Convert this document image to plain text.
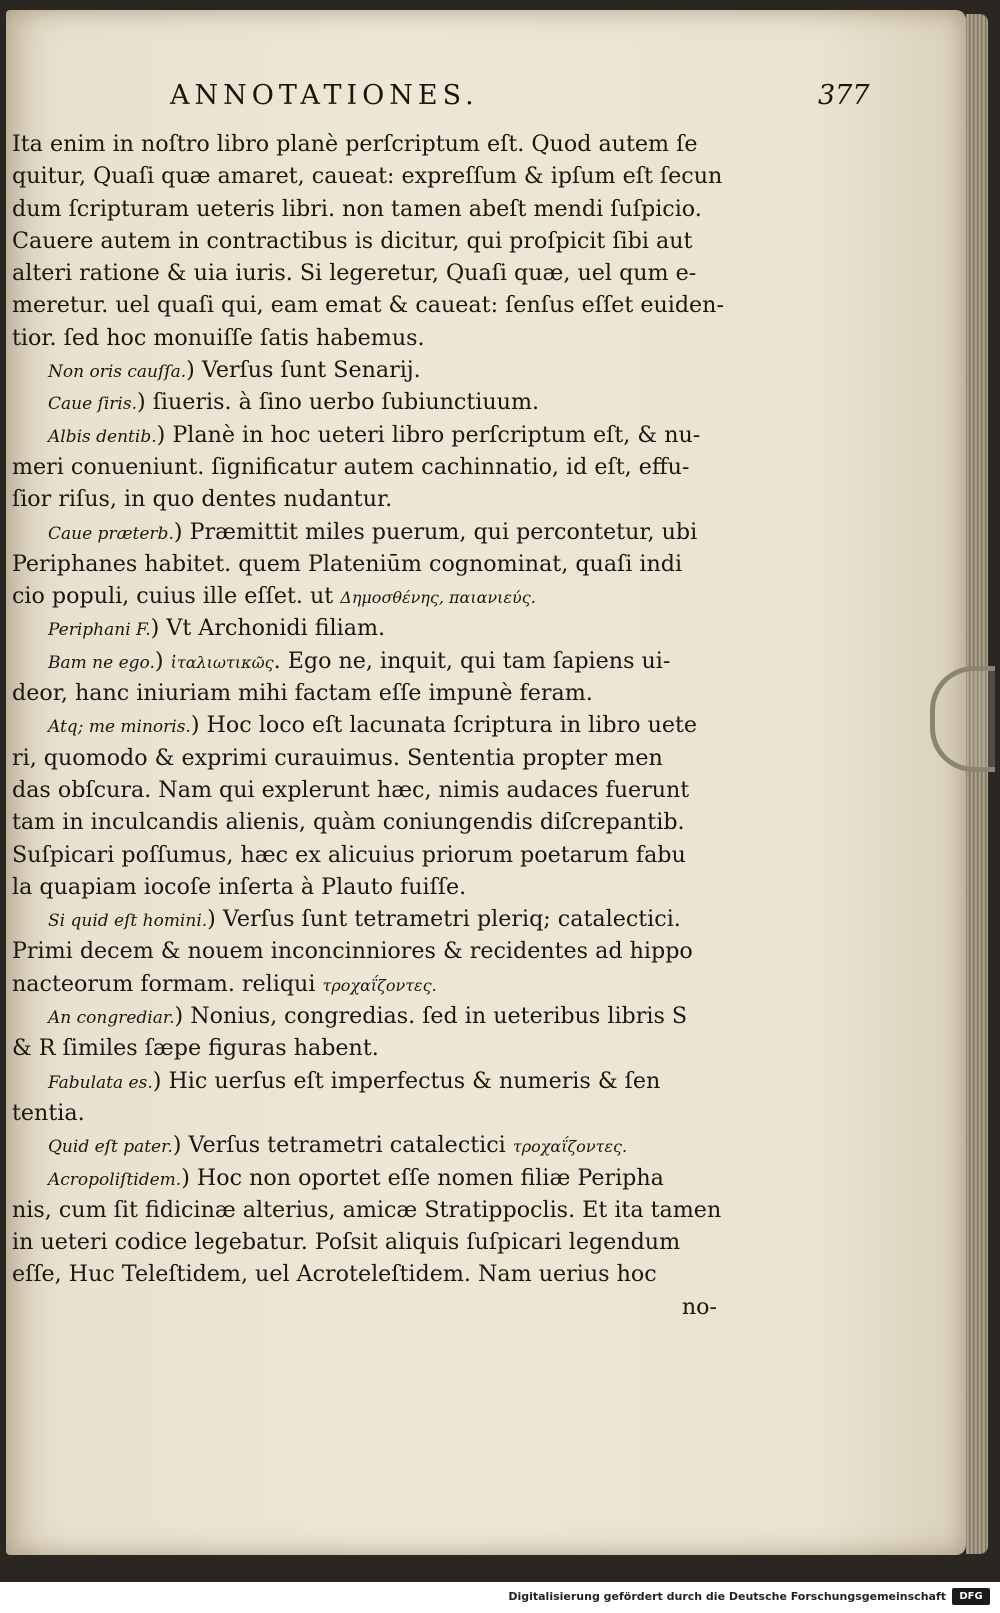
ANNOTATIONES.	377
Ita enim in noſtro libro planè perſcriptum eſt. Quod autem ſe
quitur, Quaſi quæ amaret, caueat: expreſſum & ipſum eſt ſecun
dum ſcripturam ueteris libri. non tamen abeſt mendi ſuſpicio.
Cauere autem in contractibus is dicitur, qui proſpicit ſibi aut
alteri ratione & uia iuris. Si legeretur, Quaſi quæ, uel qum e-
meretur. uel quaſi qui, eam emat & caueat: ſenſus eſſet euiden-
tior. ſed hoc monuiſſe ſatis habemus.
Non oris cauſſa.) Verſus ſunt Senarij.
Caue ſiris.) ſiueris. à ſino uerbo ſubiunctiuum.
Albis dentib.) Planè in hoc ueteri libro perſcriptum eſt, & nu-
meri conueniunt. ſignificatur autem cachinnatio, id eſt, effu-
ſior riſus, in quo dentes nudantur.
Caue præterb.) Præmittit miles puerum, qui percontetur, ubi
Periphanes habitet. quem Plateniūm cognominat, quaſi indi
cio populi, cuius ille eſſet. ut Δημοσθένης, παιανιεύς.
Periphani F.) Vt Archonidi filiam.
Bam ne ego.) ἰταλιωτικῶς. Ego ne, inquit, qui tam ſapiens ui-
deor, hanc iniuriam mihi factam eſſe impunè feram.
Atq; me minoris.) Hoc loco eſt lacunata ſcriptura in libro uete
ri, quomodo & exprimi curauimus. Sententia propter men
das obſcura. Nam qui explerunt hæc, nimis audaces fuerunt
tam in inculcandis alienis, quàm coniungendis diſcrepantib.
Suſpicari poſſumus, hæc ex alicuius priorum poetarum fabu
la quapiam iocoſe inſerta à Plauto fuiſſe.
Si quid eſt homini.) Verſus ſunt tetrametri pleriq; catalectici.
Primi decem & nouem inconcinniores & recidentes ad hippo
nacteorum formam. reliqui τροχαΐζοντες.
An congrediar.) Nonius, congredias. ſed in ueteribus libris S
& R ſimiles ſæpe figuras habent.
Fabulata es.) Hic uerſus eſt imperfectus & numeris & ſen
tentia.
Quid eſt pater.) Verſus tetrametri catalectici τροχαΐζοντες.
Acropoliſtidem.) Hoc non oportet eſſe nomen filiæ Peripha
nis, cum ſit fidicinæ alterius, amicæ Stratippoclis. Et ita tamen
in ueteri codice legebatur. Poſsit aliquis ſuſpicari legendum
eſſe, Huc Teleſtidem, uel Acroteleſtidem. Nam uerius hoc
no-
Digitalisierung gefördert durch die Deutsche Forschungsgemeinschaft	DFG
